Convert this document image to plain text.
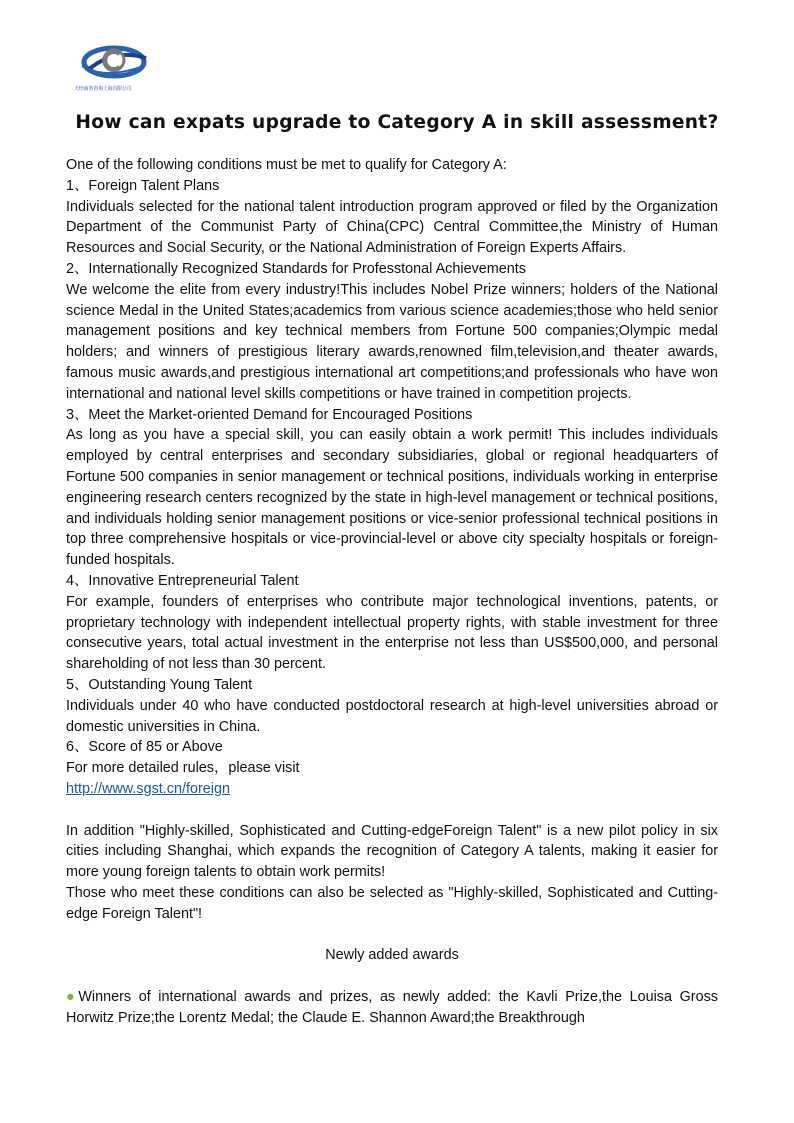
天经商务咨询上海有限公司
How can expats upgrade to Category A in skill assessment?

One of the following conditions must be met to qualify for Category A:

1、Foreign Talent Plans

Individuals selected for the national talent introduction program approved or filed by the Organization Department of the Communist Party of China(CPC) Central Committee,the Ministry of Human Resources and Social Security, or the National Administration of Foreign Experts Affairs.

2、Internationally Recognized Standards for Professtonal Achievements

We welcome the elite from every industry!This includes Nobel Prize winners; holders of the National science Medal in the United States;academics from various science academies;those who held senior management positions and key technical members from Fortune 500 companies;Olympic medal holders; and winners of prestigious literary awards,renowned film,television,and theater awards, famous music awards,and prestigious international art competitions;and professionals who have won international and national level skills competitions or have trained in competition projects.

3、Meet the Market-oriented Demand for Encouraged Positions

As long as you have a special skill, you can easily obtain a work permit! This includes individuals employed by central enterprises and secondary subsidiaries, global or regional headquarters of Fortune 500 companies in senior management or technical positions, individuals working in enterprise engineering research centers recognized by the state in high-level management or technical positions, and individuals holding senior management positions or vice-senior professional technical positions in top three comprehensive hospitals or vice-provincial-level or above city specialty hospitals or foreign-funded hospitals.

4、Innovative Entrepreneurial Talent

For example, founders of enterprises who contribute major technological inventions, patents, or proprietary technology with independent intellectual property rights, with stable investment for three consecutive years, total actual investment in the enterprise not less than US$500,000, and personal shareholding of not less than 30 percent.

5、Outstanding Young Talent

Individuals under 40 who have conducted postdoctoral research at high-level universities abroad or domestic universities in China.

6、Score of 85 or Above

For more detailed rules，please visit

http://www.sgst.cn/foreign

In addition "Highly-skilled, Sophisticated and Cutting-edgeForeign Talent" is a new pilot policy in six cities including Shanghai, which expands the recognition of Category A talents, making it easier for more young foreign talents to obtain work permits!

Those who meet these conditions can also be selected as "Highly-skilled, Sophisticated and Cutting-edge Foreign Talent"!

Newly added awards

●Winners of international awards and prizes, as newly added: the Kavli Prize,the Louisa Gross Horwitz Prize;the Lorentz Medal; the Claude E. Shannon Award;the Breakthrough
